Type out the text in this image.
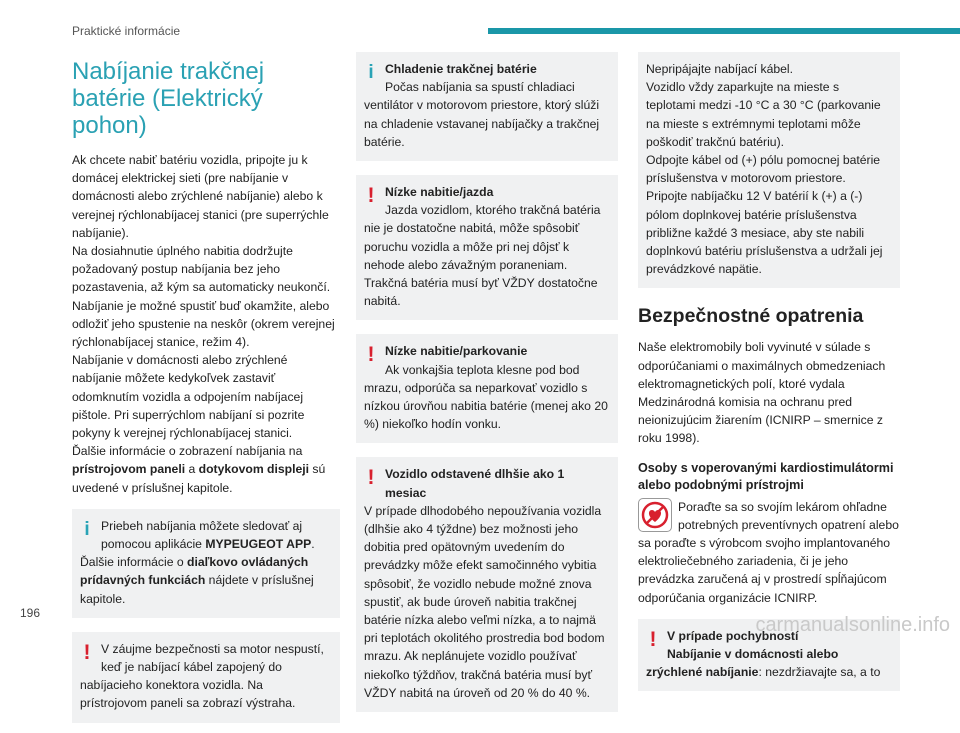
Praktické informácie
Nabíjanie trakčnej batérie (Elektrický pohon)

Ak chcete nabiť batériu vozidla, pripojte ju k domácej elektrickej sieti (pre nabíjanie v domácnosti alebo zrýchlené nabíjanie) alebo k verejnej rýchlonabíjacej stanici (pre superrýchle nabíjanie).

Na dosiahnutie úplného nabitia dodržujte požadovaný postup nabíjania bez jeho pozastavenia, až kým sa automaticky neukončí.

Nabíjanie je možné spustiť buď okamžite, alebo odložiť jeho spustenie na neskôr (okrem verejnej rýchlonabíjacej stanice, režim 4).

Nabíjanie v domácnosti alebo zrýchlené nabíjanie môžete kedykoľvek zastaviť odomknutím vozidla a odpojením nabíjacej pištole. Pri superrýchlom nabíjaní si pozrite pokyny k verejnej rýchlonabíjacej stanici.

Ďalšie informácie o zobrazení nabíjania na prístrojovom paneli a dotykovom displeji sú uvedené v príslušnej kapitole.

i Priebeh nabíjania môžete sledovať aj pomocou aplikácie MYPEUGEOT APP. Ďalšie informácie o diaľkovo ovládaných prídavných funkciách nájdete v príslušnej kapitole.

! V záujme bezpečnosti sa motor nespustí, keď je nabíjací kábel zapojený do nabíjacieho konektora vozidla. Na prístrojovom paneli sa zobrazí výstraha.

i Chladenie trakčnej batérie

Počas nabíjania sa spustí chladiaci ventilátor v motorovom priestore, ktorý slúži na chladenie vstavanej nabíjačky a trakčnej batérie.

! Nízke nabitie/jazda

Jazda vozidlom, ktorého trakčná batéria nie je dostatočne nabitá, môže spôsobiť poruchu vozidla a môže pri nej dôjsť k nehode alebo závažným poraneniam. Trakčná batéria musí byť VŽDY dostatočne nabitá.

! Nízke nabitie/parkovanie

Ak vonkajšia teplota klesne pod bod mrazu, odporúča sa neparkovať vozidlo s nízkou úrovňou nabitia batérie (menej ako 20 %) niekoľko hodín vonku.

! Vozidlo odstavené dlhšie ako 1 mesiac

V prípade dlhodobého nepoužívania vozidla (dlhšie ako 4 týždne) bez možnosti jeho dobitia pred opätovným uvedením do prevádzky môže efekt samočinného vybitia spôsobiť, že vozidlo nebude možné znova spustiť, ak bude úroveň nabitia trakčnej batérie nízka alebo veľmi nízka, a to najmä pri teplotách okolitého prostredia bod bodom mrazu. Ak neplánujete vozidlo používať niekoľko týždňov, trakčná batéria musí byť VŽDY nabitá na úroveň od 20 % do 40 %.

Nepripájajte nabíjací kábel.

Vozidlo vždy zaparkujte na mieste s teplotami medzi -10 °C a 30 °C (parkovanie na mieste s extrémnymi teplotami môže poškodiť trakčnú batériu).

Odpojte kábel od (+) pólu pomocnej batérie príslušenstva v motorovom priestore.

Pripojte nabíjačku 12 V batérií k (+) a (-) pólom doplnkovej batérie príslušenstva približne každé 3 mesiace, aby ste nabili doplnkovú batériu príslušenstva a udržali jej prevádzkové napätie.

Bezpečnostné opatrenia

Naše elektromobily boli vyvinuté v súlade s odporúčaniami o maximálnych obmedzeniach elektromagnetických polí, ktoré vydala Medzinárodná komisia na ochranu pred neionizujúcim žiarením (ICNIRP – smernice z roku 1998).

Osoby s voperovanými kardiostimulátormi alebo podobnými prístrojmi

Poraďte sa so svojím lekárom ohľadne potrebných preventívnych opatrení alebo sa poraďte s výrobcom svojho implantovaného elektroliečebného zariadenia, či je jeho prevádzka zaručená aj v prostredí spĺňajúcom odporúčania organizácie ICNIRP.

! V prípade pochybností

Nabíjanie v domácnosti alebo zrýchlené nabíjanie: nezdržiavajte sa, a to

196
carmanualsonline.info
